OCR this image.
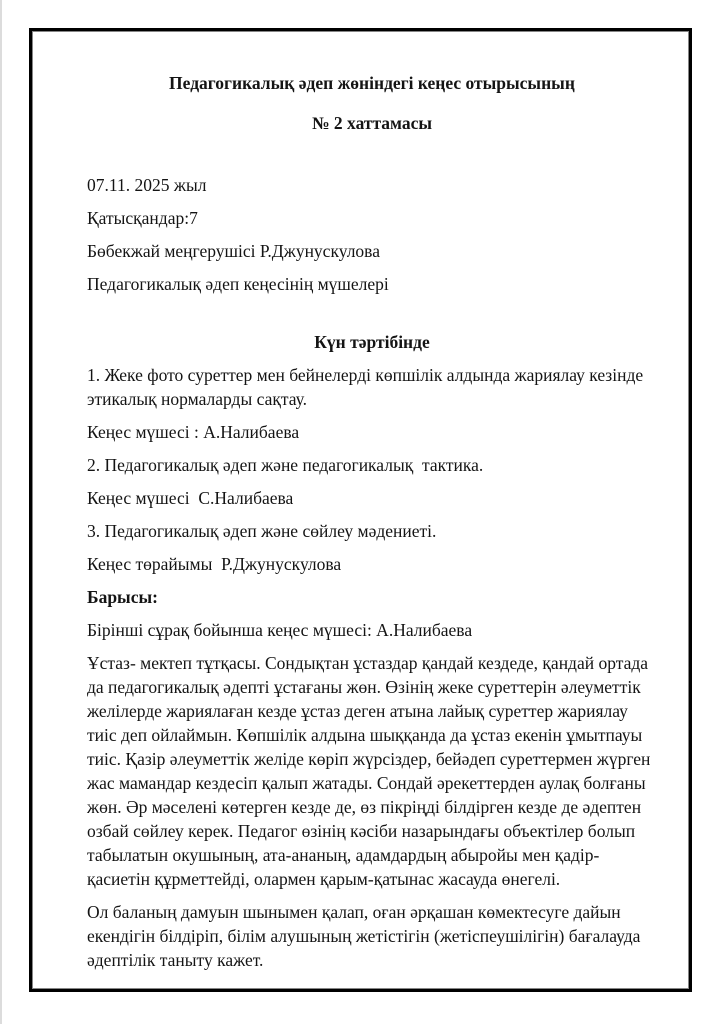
Педагогикалық әдеп жөніндегі кеңес отырысының

№ 2 хаттамасы

07.11. 2025 жыл

Қатысқандар:7

Бөбекжай меңгерушісі Р.Джунускулова

Педагогикалық әдеп кеңесінің мүшелері

Күн тәртібінде

1. Жеке фото суреттер мен бейнелерді көпшілік алдында жариялау кезінде этикалық нормаларды сақтау.

Кеңес мүшесі : А.Налибаева

2. Педагогикалық әдеп және педагогикалық  тактика.

Кеңес мүшесі  С.Налибаева

3. Педагогикалық әдеп және сөйлеу мәдениеті.

Кеңес төрайымы  Р.Джунускулова

Барысы:

Бірінші сұрақ бойынша кеңес мүшесі: А.Налибаева

Ұстаз- мектеп тұтқасы. Сондықтан ұстаздар қандай кездеде, қандай ортада да педагогикалық әдепті ұстағаны жөн. Өзінің жеке суреттерін әлеуметтік желілерде жариялаған кезде ұстаз деген атына лайық суреттер жариялау тиіс деп ойлаймын. Көпшілік алдына шыққанда да ұстаз екенін ұмытпауы тиіс. Қазір әлеуметтік желіде көріп жүрсіздер, бейәдеп суреттермен жүрген жас мамандар кездесіп қалып жатады. Сондай әрекеттерден аулақ болғаны жөн. Әр мәселені көтерген кезде де, өз пікріңді білдірген кезде де әдептен озбай сөйлеу керек. Педагог өзінің кәсіби назарындағы объектілер болып табылатын окушының, ата-ананың, адамдардың абыройы мен қадір-қасиетін құрметтейді, олармен қарым-қатынас жасауда өнегелі.

Ол баланың дамуын шынымен қалап, оған әрқашан көмектесуге дайын екендігін білдіріп, білім алушының жетістігін (жетіспеушілігін) бағалауда әдептілік таныту кажет.
